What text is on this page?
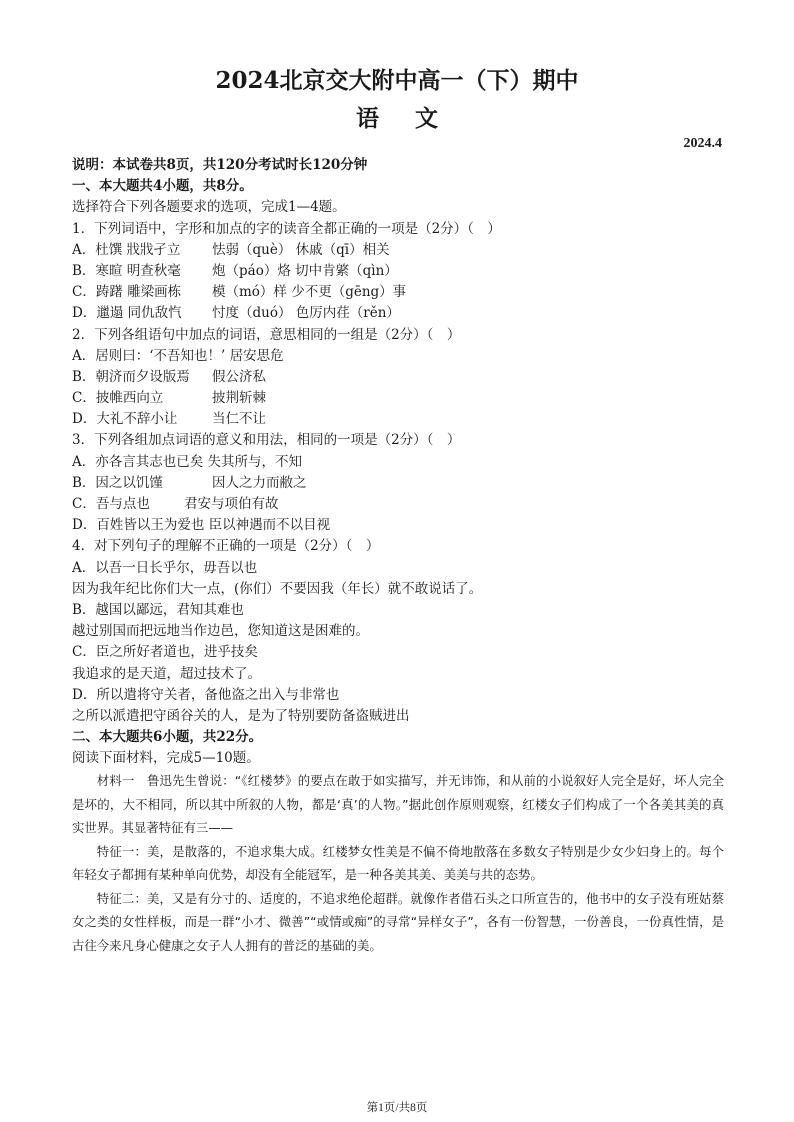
2024北京交大附中高一（下）期中
语文
2024.4
说明：本试卷共8页，共120分考试时长120分钟
一、本大题共4小题，共8分。
选择符合下列各题要求的选项，完成1—4题。
1．下列词语中，字形和加点的字的读音全都正确的一项是（2分）（　）
A．杜馔 戕戕孑立 怯弱（què） 休戚（qī）相关
B．寒暄 明查秋毫 炮（páo）烙 切中肯綮（qìn）
C．踌躇 雕梁画栋 模（mó）样 少不更（gēng）事
D．邋遢 同仇敌忾 忖度（duó） 色厉内荏（rěn）
2．下列各组语句中加点的词语，意思相同的一组是（2分）（　）
A．居则曰：‘不吾知也！’ 居安思危
B．朝济而夕设版焉 假公济私
C．披帷西向立	披荆斩棘
D．大礼不辞小让	当仁不让
3．下列各组加点词语的意义和用法，相同的一项是（2分）（　）
A．亦各言其志也已矣 失其所与，不知
B．因之以饥馑	因人之力而敝之
C．吾与点也	君安与项伯有故
D．百姓皆以王为爱也 臣以神遇而不以目视
4．对下列句子的理解不正确的一项是（2分）（　）
A．以吾一日长乎尔，毋吾以也
因为我年纪比你们大一点，(你们）不要因我（年长）就不敢说话了。
B．越国以鄙远，君知其难也
越过别国而把远地当作边邑，您知道这是困难的。
C．臣之所好者道也，进乎技矣
我追求的是天道，超过技术了。
D．所以遣将守关者，备他盗之出入与非常也
之所以派遣把守函谷关的人，是为了特别要防备盗贼进出
二、本大题共6小题，共22分。
阅读下面材料，完成5—10题。

材料一　鲁迅先生曾说：“《红楼梦》的要点在敢于如实描写，并无讳饰，和从前的小说叙好人完全是好，坏人完全是坏的，大不相同，所以其中所叙的人物，都是‘真’的人物。”据此创作原则观察，红楼女子们构成了一个各美其美的真实世界。其显著特征有三——

特征一：美，是散落的，不追求集大成。红楼梦女性美是不偏不倚地散落在多数女子特别是少女少妇身上的。每个年轻女子都拥有某种单向优势，却没有全能冠军，是一种各美其美、美美与共的态势。

特征二：美，又是有分寸的、适度的，不追求绝伦超群。就像作者借石头之口所宣告的，他书中的女子没有班姑蔡女之类的女性样板，而是一群“小才、微善”“或情或痴”的寻常“异样女子”，各有一份智慧，一份善良，一份真性情，是古往今来凡身心健康之女子人人拥有的普泛的基础的美。

第1页/共8页
